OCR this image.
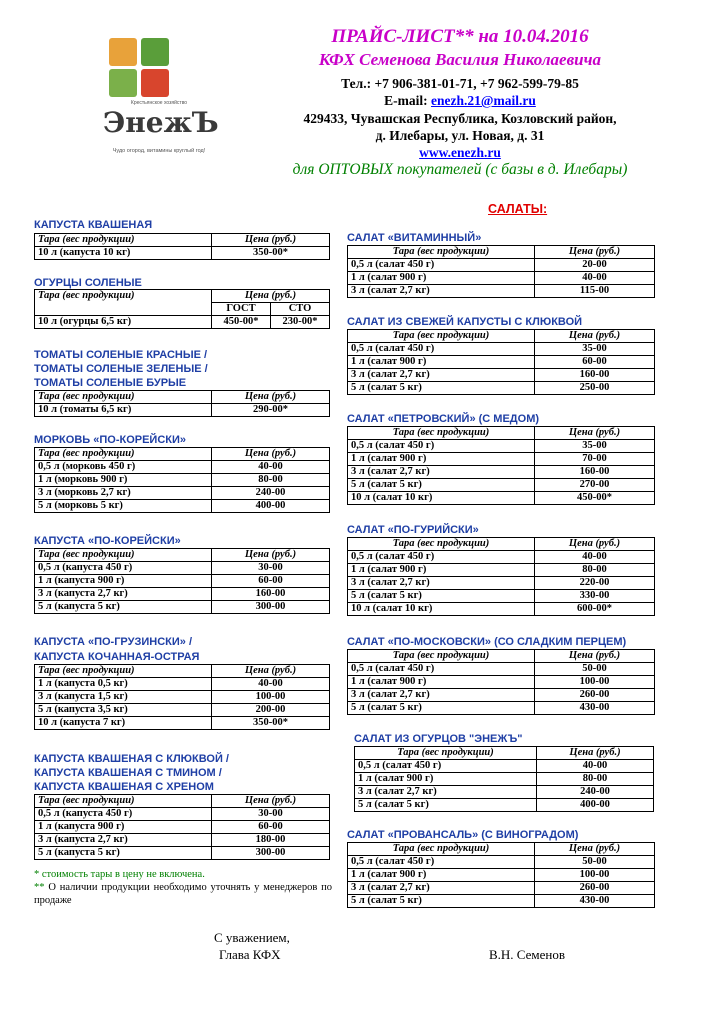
Крестьянское хозяйство
ЭнежЪ
Чудо огород, витамины круглый год!
ПРАЙС-ЛИСТ** на 10.04.2016
КФХ Семенова Василия Николаевича
Тел.: +7 906-381-01-71, +7 962-599-79-85
E-mail: enezh.21@mail.ru
429433, Чувашская Республика, Козловский район,
д. Илебары, ул. Новая, д. 31
www.enezh.ru
для ОПТОВЫХ покупателей (с базы в д. Илебары)
КАПУСТА КВАШЕНАЯ
Тара (вес продукции)	Цена (руб.)
10 л (капуста 10 кг)	350-00*
ОГУРЦЫ СОЛЕНЫЕ
Тара (вес продукции)	Цена (руб.)	
	ГОСТ	СТО
10 л (огурцы 6,5 кг)	450-00*	230-00*
ТОМАТЫ СОЛЕНЫЕ КРАСНЫЕ /
ТОМАТЫ СОЛЕНЫЕ ЗЕЛЕНЫЕ /
ТОМАТЫ СОЛЕНЫЕ БУРЫЕ
Тара (вес продукции)	Цена (руб.)
10 л (томаты 6,5 кг)	290-00*
МОРКОВЬ «ПО-КОРЕЙСКИ»
Тара (вес продукции)	Цена (руб.)
0,5 л (морковь 450 г)	40-00
1 л (морковь 900 г)	80-00
3 л (морковь 2,7 кг)	240-00
5 л (морковь 5 кг)	400-00
КАПУСТА «ПО-КОРЕЙСКИ»
Тара (вес продукции)	Цена (руб.)
0,5 л (капуста 450 г)	30-00
1 л (капуста 900 г)	60-00
3 л (капуста 2,7 кг)	160-00
5 л (капуста 5 кг)	300-00
КАПУСТА «ПО-ГРУЗИНСКИ» /
КАПУСТА КОЧАННАЯ-ОСТРАЯ
Тара (вес продукции)	Цена (руб.)
1 л (капуста 0,5 кг)	40-00
3 л (капуста 1,5 кг)	100-00
5 л (капуста 3,5 кг)	200-00
10 л (капуста 7 кг)	350-00*
КАПУСТА КВАШЕНАЯ С КЛЮКВОЙ /
КАПУСТА КВАШЕНАЯ С ТМИНОМ /
КАПУСТА КВАШЕНАЯ С ХРЕНОМ
Тара (вес продукции)	Цена (руб.)
0,5 л (капуста 450 г)	30-00
1 л (капуста 900 г)	60-00
3 л (капуста 2,7 кг)	180-00
5 л (капуста 5 кг)	300-00
* стоимость тары в цену не включена.
** О наличии продукции необходимо уточнять у менеджеров по продаже
САЛАТЫ:
САЛАТ «ВИТАМИННЫЙ»
Тара (вес продукции)	Цена (руб.)
0,5 л (салат 450 г)	20-00
1 л (салат 900 г)	40-00
3 л (салат 2,7 кг)	115-00
САЛАТ ИЗ СВЕЖЕЙ КАПУСТЫ С КЛЮКВОЙ
Тара (вес продукции)	Цена (руб.)
0,5 л (салат 450 г)	35-00
1 л (салат 900 г)	60-00
3 л (салат 2,7 кг)	160-00
5 л (салат 5 кг)	250-00
САЛАТ «ПЕТРОВСКИЙ» (С МЕДОМ)
Тара (вес продукции)	Цена (руб.)
0,5 л (салат 450 г)	35-00
1 л (салат 900 г)	70-00
3 л (салат 2,7 кг)	160-00
5 л (салат 5 кг)	270-00
10 л (салат 10 кг)	450-00*
САЛАТ «ПО-ГУРИЙСКИ»
Тара (вес продукции)	Цена (руб.)
0,5 л (салат 450 г)	40-00
1 л (салат 900 г)	80-00
3 л (салат 2,7 кг)	220-00
5 л (салат 5 кг)	330-00
10 л (салат 10 кг)	600-00*
САЛАТ «ПО-МОСКОВСКИ» (СО СЛАДКИМ ПЕРЦЕМ)
Тара (вес продукции)	Цена (руб.)
0,5 л (салат 450 г)	50-00
1 л (салат 900 г)	100-00
3 л (салат 2,7 кг)	260-00
5 л (салат 5 кг)	430-00
САЛАТ ИЗ ОГУРЦОВ "ЭНЕЖЪ"
Тара (вес продукции)	Цена (руб.)
0,5 л (салат 450 г)	40-00
1 л (салат 900 г)	80-00
3 л (салат 2,7 кг)	240-00
5 л (салат 5 кг)	400-00
САЛАТ «ПРОВАНСАЛЬ» (С ВИНОГРАДОМ)
Тара (вес продукции)	Цена (руб.)
0,5 л (салат 450 г)	50-00
1 л (салат 900 г)	100-00
3 л (салат 2,7 кг)	260-00
5 л (салат 5 кг)	430-00
С уважением,
Глава КФХ	В.Н. Семенов
